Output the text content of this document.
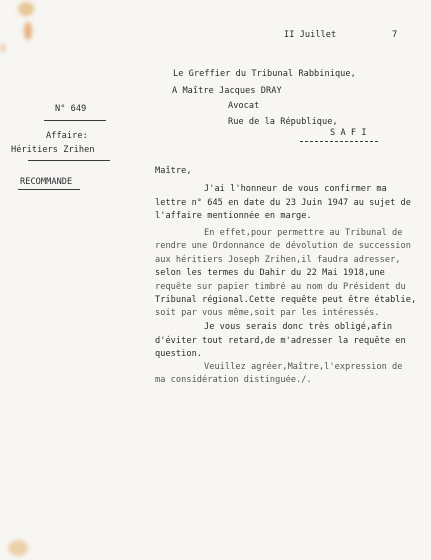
II Juillet	7
Le Greffier du Tribunal Rabbinique,
A Maître Jacques DRAY
Avocat
Rue de la République,
S A F I
N° 649
Affaire:
Héritiers Zrihen
RECOMMANDE
Maître,
J'ai l'honneur de vous confirmer ma
lettre n° 645 en date du 23 Juin 1947 au sujet de
l'affaire mentionnée en marge.
En effet,pour permettre au Tribunal de
rendre une Ordonnance de dévolution de succession
aux héritiers Joseph Zrihen,il faudra adresser,
selon les termes du Dahir du 22 Mai 1918,une
requête sur papier timbré au nom du Président du
Tribunal régional.Cette requête peut être établie,
soit par vous même,soit par les intéressés.
Je vous serais donc très obligé,afin
d'éviter tout retard,de m'adresser la requête en
question.
Veuillez agréer,Maître,l'expression de
ma considération distinguée./.
